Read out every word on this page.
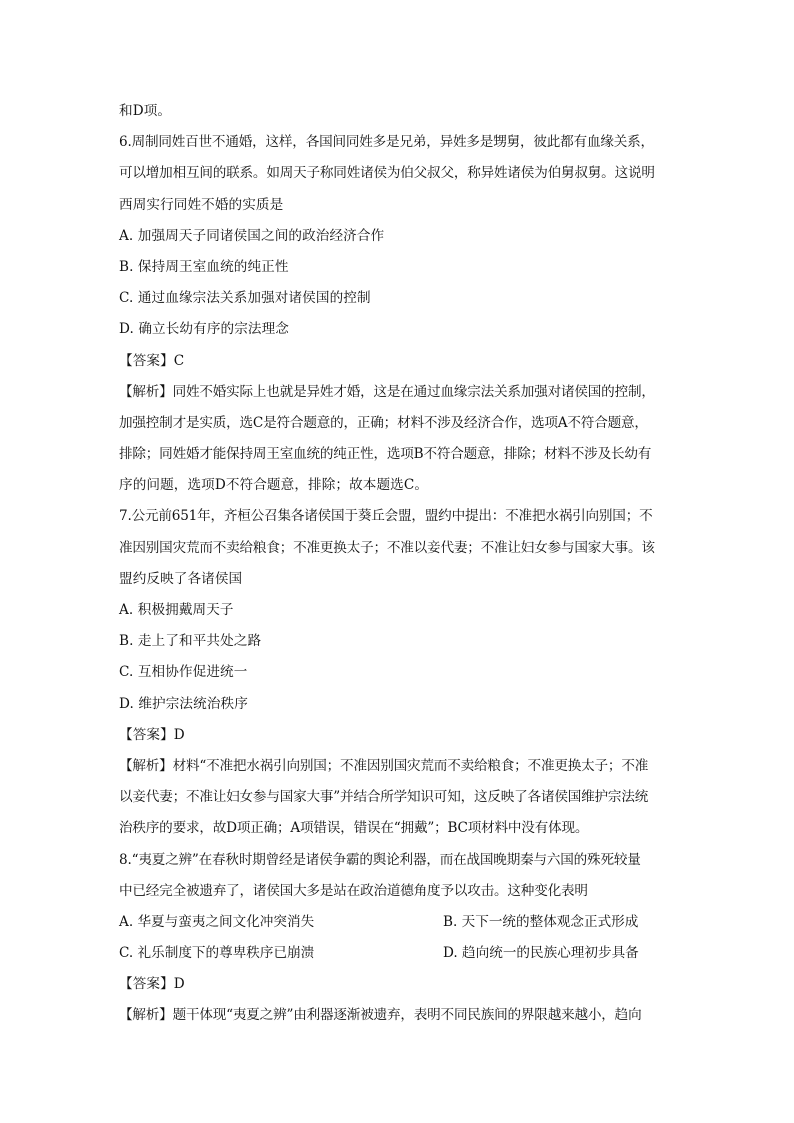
和D项。
6.周制同姓百世不通婚，这样，各国间同姓多是兄弟，异姓多是甥舅，彼此都有血缘关系，
可以增加相互间的联系。如周天子称同姓诸侯为伯父叔父，称异姓诸侯为伯舅叔舅。这说明
西周实行同姓不婚的实质是
A. 加强周天子同诸侯国之间的政治经济合作
B. 保持周王室血统的纯正性
C. 通过血缘宗法关系加强对诸侯国的控制
D. 确立长幼有序的宗法理念
【答案】C
【解析】同姓不婚实际上也就是异姓才婚，这是在通过血缘宗法关系加强对诸侯国的控制，
加强控制才是实质，选C是符合题意的，正确；材料不涉及经济合作，选项A不符合题意，
排除；同姓婚才能保持周王室血统的纯正性，选项B不符合题意，排除；材料不涉及长幼有
序的问题，选项D不符合题意，排除；故本题选C。
7.公元前651年，齐桓公召集各诸侯国于葵丘会盟，盟约中提出：不准把水祸引向别国；不
准因别国灾荒而不卖给粮食；不准更换太子；不准以妾代妻；不准让妇女参与国家大事。该
盟约反映了各诸侯国
A. 积极拥戴周天子
B. 走上了和平共处之路
C. 互相协作促进统一
D. 维护宗法统治秩序
【答案】D
【解析】材料“不准把水祸引向别国；不准因别国灾荒而不卖给粮食；不准更换太子；不准
以妾代妻；不准让妇女参与国家大事”并结合所学知识可知，这反映了各诸侯国维护宗法统
治秩序的要求，故D项正确；A项错误，错误在“拥戴”；BC项材料中没有体现。
8.“夷夏之辨”在春秋时期曾经是诸侯争霸的舆论利器，而在战国晚期秦与六国的殊死较量
中已经完全被遗弃了，诸侯国大多是站在政治道德角度予以攻击。这种变化表明
A. 华夏与蛮夷之间文化冲突消失	B. 天下一统的整体观念正式形成
C. 礼乐制度下的尊卑秩序已崩溃	D. 趋向统一的民族心理初步具备
【答案】D
【解析】题干体现“夷夏之辨”由利器逐渐被遗弃，表明不同民族间的界限越来越小，趋向
